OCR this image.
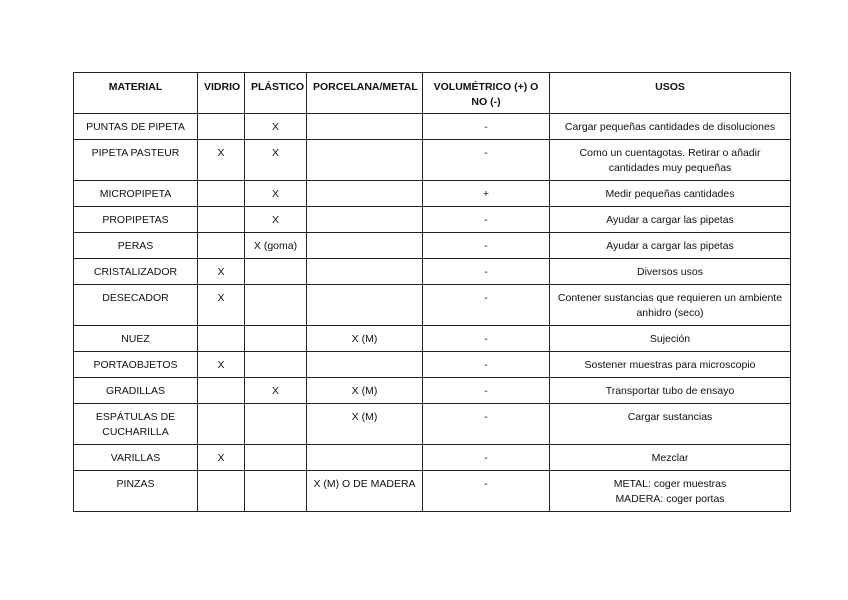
MATERIAL	VIDRIO	PLÁSTICO	PORCELANA/METAL	VOLUMÉTRICO (+) O NO (-)	USOS
PUNTAS DE PIPETA		X		-	Cargar pequeñas cantidades de disoluciones
PIPETA PASTEUR	X	X		-	Como un cuentagotas. Retirar o añadir cantidades muy pequeñas
MICROPIPETA		X		+	Medir pequeñas cantidades
PROPIPETAS		X		-	Ayudar a cargar las pipetas
PERAS		X (goma)		-	Ayudar a cargar las pipetas
CRISTALIZADOR	X			-	Diversos usos
DESECADOR	X			-	Contener sustancias que requieren un ambiente anhidro (seco)
NUEZ			X (M)	-	Sujeción
PORTAOBJETOS	X			-	Sostener muestras para microscopio
GRADILLAS		X	X (M)	-	Transportar tubo de ensayo
ESPÁTULAS DE CUCHARILLA			X (M)	-	Cargar sustancias
VARILLAS	X			-	Mezclar
PINZAS			X (M) O DE MADERA	-	METAL: coger muestras
MADERA: coger portas
